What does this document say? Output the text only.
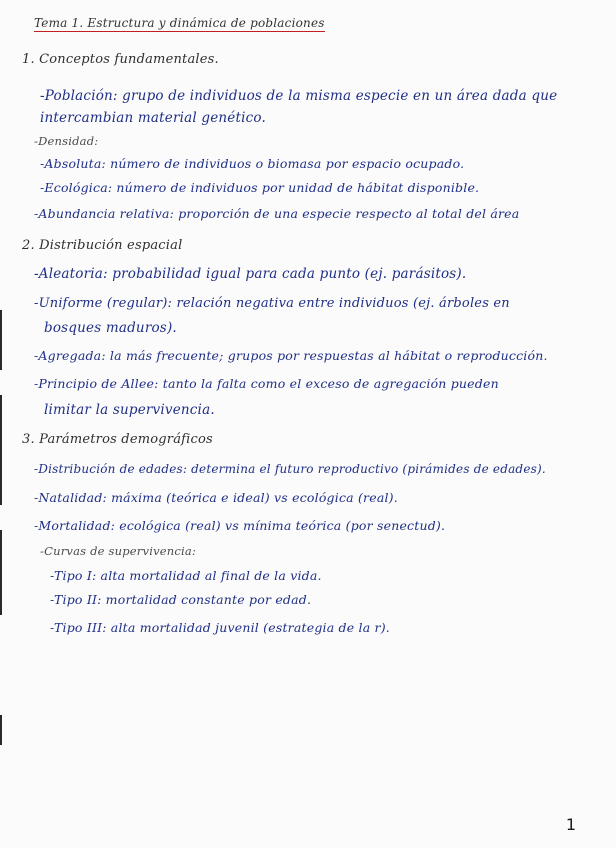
Tema 1. Estructura y dinámica de poblaciones
1. Conceptos fundamentales.
-Población: grupo de individuos de la misma especie en un área dada que
intercambian material genético.
-Densidad:
-Absoluta: número de individuos o biomasa por espacio ocupado.
-Ecológica: número de individuos por unidad de hábitat disponible.
-Abundancia relativa: proporción de una especie respecto al total del área
2. Distribución espacial
-Aleatoria: probabilidad igual para cada punto (ej. parásitos).
-Uniforme (regular): relación negativa entre individuos (ej. árboles en
bosques maduros).
-Agregada: la más frecuente; grupos por respuestas al hábitat o reproducción.
-Principio de Allee: tanto la falta como el exceso de agregación pueden
limitar la supervivencia.
3. Parámetros demográficos
-Distribución de edades: determina el futuro reproductivo (pirámides de edades).
-Natalidad: máxima (teórica e ideal) vs ecológica (real).
-Mortalidad: ecológica (real) vs mínima teórica (por senectud).
-Curvas de supervivencia:
-Tipo I: alta mortalidad al final de la vida.
-Tipo II: mortalidad constante por edad.
-Tipo III: alta mortalidad juvenil (estrategia de la r).
1
